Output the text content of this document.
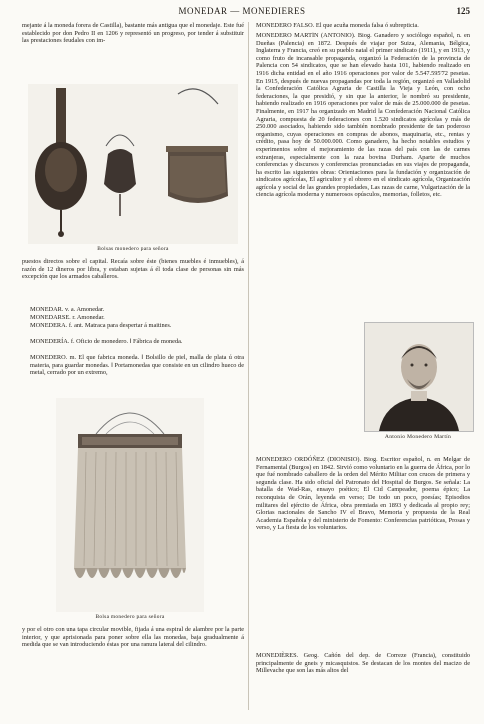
MONEDAR — MONEDIERES	125

mejante á la moneda forera de Castilla), bastante más antigua que el monedaje. Este fué establecido por don Pedro II en 1206 y representó un progreso, por tender á substituir las prestaciones feudales con im-

Bolsas monedero para señora

puestos directos sobre el capital. Recaía sobre éste (bienes muebles é inmuebles), á razón de 12 dineros por libra, y estaban sujetas á él toda clase de personas sin más excepción que los armados caballeros.

MONEDAR. v. a. Amonedar.

MONEDARSE. r. Amonedar.

MONEDERA. f. ant. Matraca para despertar á maitines.

MONEDERÍA. f. Oficio de monedero. ‖ Fábrica de moneda.

MONEDERO. m. El que fabrica moneda. ‖ Bolsillo de piel, malla de plata ú otra materia, para guardar monedas. ‖ Portamonedas que consiste en un cilindro hueco de metal, cerrado por un extremo,

Bolsa monedero para señora

y por el otro con una tapa circular movible, fijada á una espiral de alambre por la parte interior, y que aprisionada para poner sobre ella las monedas, baja gradualmente á medida que se van introduciendo éstas por una ranura lateral del cilindro.

MONEDERO FALSO. El que acuña moneda falsa ó subrepticia.

MONEDERO MARTÍN (ANTONIO). Biog. Ganadero y sociólogo español, n. en Dueñas (Palencia) en 1872. Después de viajar por Suiza, Alemania, Bélgica, Inglaterra y Francia, creó en su pueblo natal el primer sindicato (1911), y en 1913, y como fruto de incansable propaganda, organizó la Federación de la provincia de Palencia con 54 sindicatos, que se han elevado hasta 101, habiendo realizado en 1916 dicha entidad en el año 1916 operaciones por valor de 5.547.595'72 pesetas. En 1915, después de nuevas propagandas por toda la región, organizó en Valladolid la Confederación Católica Agraria de Castilla la Vieja y León, con ocho federaciones, la que presidió, y sin que la anterior, le nombró su presidente, habiendo realizado en 1916 operaciones por valor de más de 25.000.000 de pesetas. Finalmente, en 1917 ha organizado en Madrid la Confederación Nacional Católica Agraria, compuesta de 20 federaciones con 1.520 sindicatos agrícolas y más de 250.000 asociados, habiendo sido también nombrado presidente de tan poderoso organismo, cuyas operaciones en compras de abonos, maquinaria, etc., rentas y crédito, pasa hoy de 50.000.000. Como ganadero, ha hecho notables estudios y experimentos sobre el mejoramiento de las razas del país con las de carnes extranjeras, especialmente con la raza bovina Durham. Aparte de muchos conferencias y discursos y conferencias pronunciadas en sus viajes de propaganda, ha escrito las siguientes obras: Orientaciones para la fundación y organización de sindicatos agrícolas, El agricultor y el obrero en el sindicato agrícola, Organización agrícola y social de las grandes propiedades, Las razas de carne, Vulgarización de la ciencia agrícola moderna y numerosos opúsculos, memorias, folletos, etc.

Antonio Monedero Martín

MONEDERO ORDÓÑEZ (DIONISIO). Biog. Escritor español, n. en Melgar de Fernamental (Burgos) en 1842. Sirvió como voluntario en la guerra de África, por lo que fué nombrado caballero de la orden del Mérito Militar con cruces de primera y segunda clase. Ha sido oficial del Patronato del Hospital de Burgos. Se señala: La batalla de Wad-Ras, ensayo poético; El Cid Campeador, poema épico; La reconquista de Orán, leyenda en verso; De todo un poco, poesías; Episodios militares del ejército de África, obra premiada en 1893 y dedicada al propio rey; Glorias nacionales de Sancho IV el Bravo, Memoria y propuesta de la Real Academia Española y del ministerio de Fomento: Conferencias patrióticas, Prosas y verso, y La fiesta de los voluntarios.

MONEDIÈRES. Geog. Cañón del dep. de Correze (Francia), constituido principalmente de gneis y micasquistos. Se destacan de los montes del macizo de Millevache que son las más altos del
